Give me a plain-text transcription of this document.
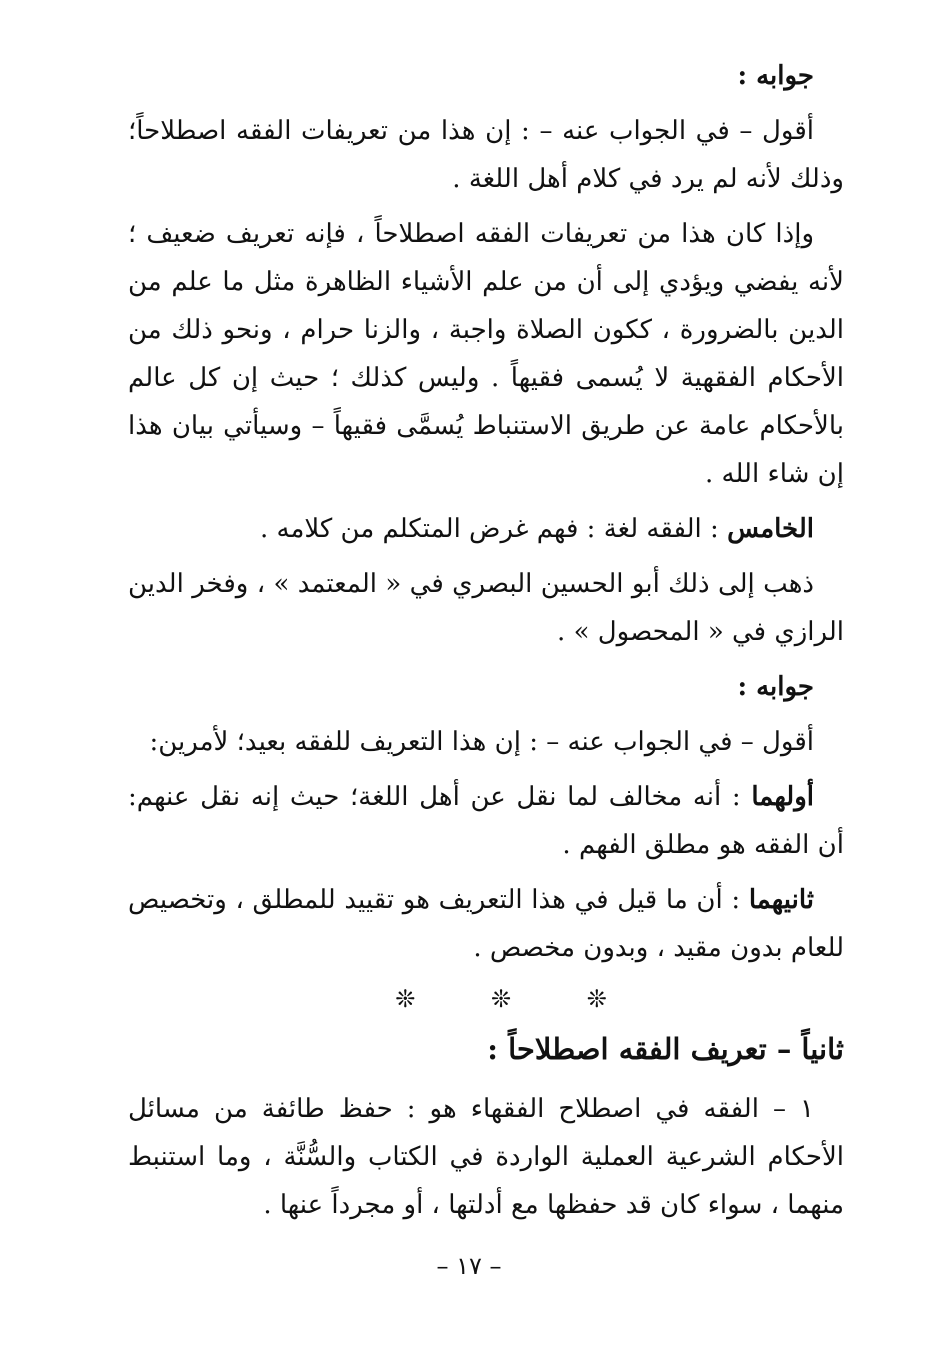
جوابه :

أقول – في الجواب عنه – : إن هذا من تعريفات الفقه اصطلاحاً؛ وذلك لأنه لم يرد في كلام أهل اللغة .

وإذا كان هذا من تعريفات الفقه اصطلاحاً ، فإنه تعريف ضعيف ؛ لأنه يفضي ويؤدي إلى أن من علم الأشياء الظاهرة مثل ما علم من الدين بالضرورة ، ككون الصلاة واجبة ، والزنا حرام ، ونحو ذلك من الأحكام الفقهية لا يُسمى فقيهاً . وليس كذلك ؛ حيث إن كل عالم بالأحكام عامة عن طريق الاستنباط يُسمَّى فقيهاً – وسيأتي بيان هذا إن شاء الله .

الخامس : الفقه لغة : فهم غرض المتكلم من كلامه .

ذهب إلى ذلك أبو الحسين البصري في « المعتمد » ، وفخر الدين الرازي في « المحصول » .

جوابه :

أقول – في الجواب عنه – : إن هذا التعريف للفقه بعيد؛ لأمرين:

أولهما : أنه مخالف لما نقل عن أهل اللغة؛ حيث إنه نقل عنهم: أن الفقه هو مطلق الفهم .

ثانيهما : أن ما قيل في هذا التعريف هو تقييد للمطلق ، وتخصيص للعام بدون مقيد ، وبدون مخصص .

❊	❊	❊
ثانياً – تعريف الفقه اصطلاحاً :

١ – الفقه في اصطلاح الفقهاء هو : حفظ طائفة من مسائل الأحكام الشرعية العملية الواردة في الكتاب والسُّنَّة ، وما استنبط منهما ، سواء كان قد حفظها مع أدلتها ، أو مجرداً عنها .

– ١٧ –
